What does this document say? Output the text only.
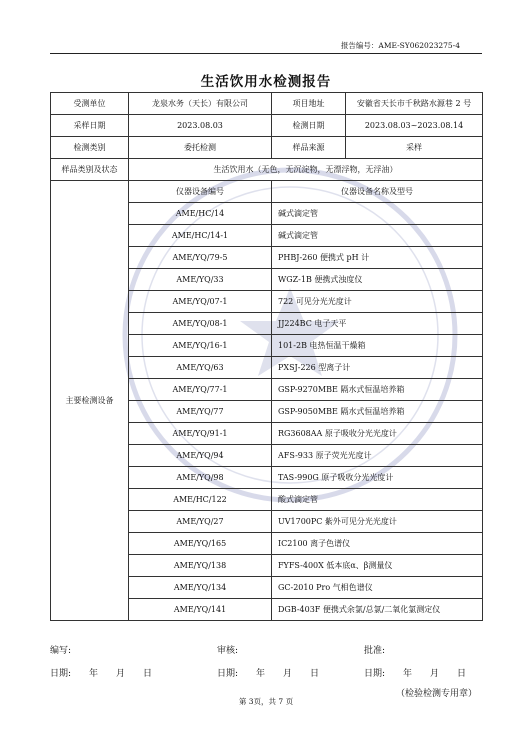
报告编号：AME-SY062023275-4
生活饮用水检测报告
受测单位	龙泉水务（天长）有限公司	项目地址	安徽省天长市千秋路水源巷 2 号
采样日期	2023.08.03	检测日期	2023.08.03~2023.08.14
检测类别	委托检测	样品来源	采样
样品类别及状态	生活饮用水（无色，无沉淀物，无漂浮物，无浮油）		
主要检测设备	仪器设备编号	仪器设备名称及型号	
	AME/HC/14	碱式滴定管	
	AME/HC/14-1	碱式滴定管	
	AME/YQ/79-5	PHBJ-260 便携式 pH 计	
	AME/YQ/33	WGZ-1B 便携式浊度仪	
	AME/YQ/07-1	722 可见分光光度计	
	AME/YQ/08-1	JJ224BC 电子天平	
	AME/YQ/16-1	101-2B 电热恒温干燥箱	
	AME/YQ/63	PXSJ-226 型离子计	
	AME/YQ/77-1	GSP-9270MBE 隔水式恒温培养箱	
	AME/YQ/77	GSP-9050MBE 隔水式恒温培养箱	
	AME/YQ/91-1	RG3608AA 原子吸收分光光度计	
	AME/YQ/94	AFS-933 原子荧光光度计	
	AME/YQ/98	TAS-990G 原子吸收分光光度计	
	AME/HC/122	酸式滴定管	
	AME/YQ/27	UV1700PC 紫外可见分光光度计	
	AME/YQ/165	IC2100 离子色谱仪	
	AME/YQ/138	FYFS-400X 低本底α、β测量仪	
	AME/YQ/134	GC-2010 Pro 气相色谱仪	
	AME/YQ/141	DGB-403F 便携式余氯/总氯/二氧化氯测定仪	
编写:	审核:	批准:
日期:　　年　　月　　日	日期:　　年　　月　　日	日期:　　年　　月　　日
（检验检测专用章）
第 3页，共 7 页
